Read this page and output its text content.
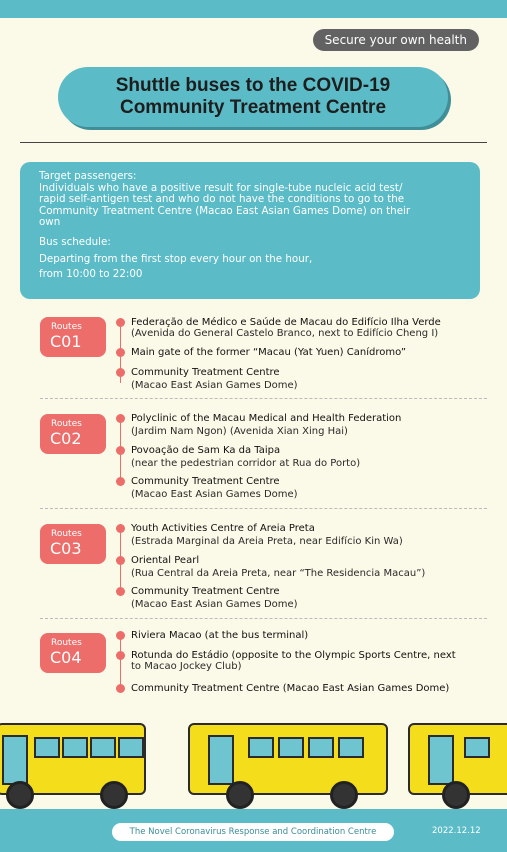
Secure your own health
Shuttle buses to the COVID-19
Community Treatment Centre
Target passengers:
Individuals who have a positive result for single-tube nucleic acid test/
rapid self-antigen test and who do not have the conditions to go to the
Community Treatment Centre (Macao East Asian Games Dome) on their
own
Bus schedule:
Departing from the first stop every hour on the hour,
from 10:00 to 22:00
Routes
C01
Federação de Médico e Saúde de Macau do Edifício Ilha Verde
(Avenida do General Castelo Branco, next to Edifício Cheng I)
Main gate of the former “Macau (Yat Yuen) Canídromo”
Community Treatment Centre
(Macao East Asian Games Dome)
Routes
C02
Polyclinic of the Macau Medical and Health Federation
(Jardim Nam Ngon) (Avenida Xian Xing Hai)
Povoação de Sam Ka da Taipa
(near the pedestrian corridor at Rua do Porto)
Community Treatment Centre
(Macao East Asian Games Dome)
Routes
C03
Youth Activities Centre of Areia Preta
(Estrada Marginal da Areia Preta, near Edifício Kin Wa)
Oriental Pearl
(Rua Central da Areia Preta, near “The Residencia Macau”)
Community Treatment Centre
(Macao East Asian Games Dome)
Routes
C04
Riviera Macao (at the bus terminal)
Rotunda do Estádio (opposite to the Olympic Sports Centre, next
to Macao Jockey Club)
Community Treatment Centre (Macao East Asian Games Dome)
The Novel Coronavirus Response and Coordination Centre	2022.12.12
